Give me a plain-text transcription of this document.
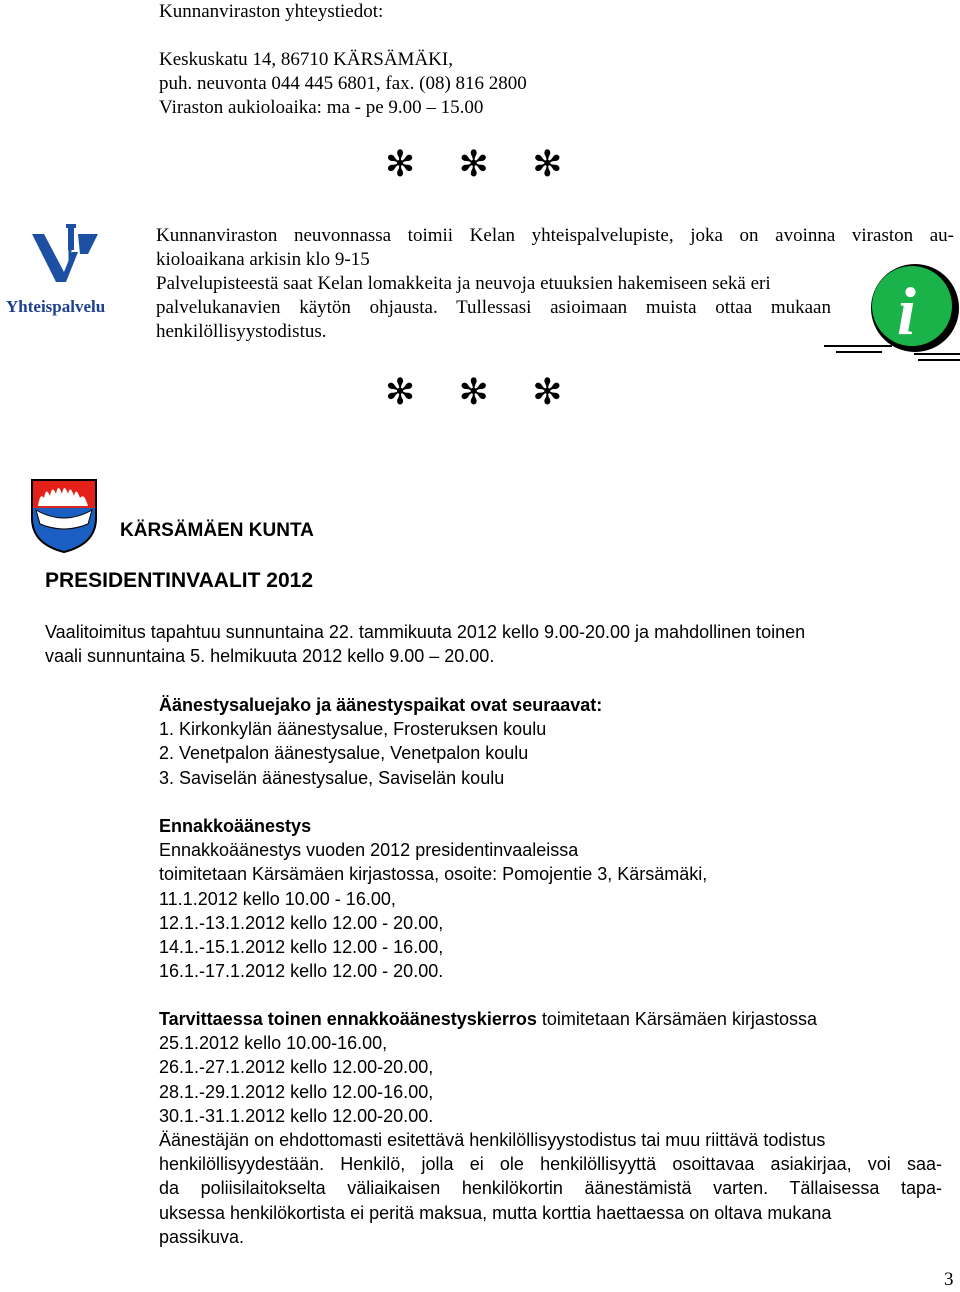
Kunnanviraston yhteystiedot:
Keskuskatu 14, 86710 KÄRSÄMÄKI,
puh. neuvonta 044 445 6801, fax. (08) 816 2800
Viraston aukioloaika: ma - pe 9.00 – 15.00
✻ ✻ ✻
Yhteispalvelu
Kunnanviraston neuvonnassa toimii Kelan yhteispalvelupiste, joka on avoinna viraston au-
kioloaikana arkisin klo 9-15
Palvelupisteestä saat Kelan lomakkeita ja neuvoja etuuksien hakemiseen sekä eri
palvelukanavien käytön ohjausta. Tullessasi asioimaan muista ottaa mukaan
henkilöllisyystodistus.	i
✻ ✻ ✻
KÄRSÄMÄEN KUNTA
PRESIDENTINVAALIT 2012
Vaalitoimitus tapahtuu sunnuntaina 22. tammikuuta 2012 kello 9.00-20.00 ja mahdollinen toinen
vaali sunnuntaina 5. helmikuuta 2012 kello 9.00 – 20.00.
Äänestysaluejako ja äänestyspaikat ovat seuraavat:
1. Kirkonkylän äänestysalue, Frosteruksen koulu
2. Venetpalon äänestysalue, Venetpalon koulu
3. Saviselän äänestysalue, Saviselän koulu
Ennakkoäänestys
Ennakkoäänestys vuoden 2012 presidentinvaaleissa
toimitetaan Kärsämäen kirjastossa, osoite: Pomojentie 3, Kärsämäki,
11.1.2012 kello 10.00 - 16.00,
12.1.-13.1.2012 kello 12.00 - 20.00,
14.1.-15.1.2012 kello 12.00 - 16.00,
16.1.-17.1.2012 kello 12.00 - 20.00.
Tarvittaessa toinen ennakkoäänestyskierros toimitetaan Kärsämäen kirjastossa
25.1.2012 kello 10.00-16.00,
26.1.-27.1.2012 kello 12.00-20.00,
28.1.-29.1.2012 kello 12.00-16.00,
30.1.-31.1.2012 kello 12.00-20.00.
Äänestäjän on ehdottomasti esitettävä henkilöllisyystodistus tai muu riittävä todistus
henkilöllisyydestään. Henkilö, jolla ei ole henkilöllisyyttä osoittavaa asiakirjaa, voi saa-
da poliisilaitokselta väliaikaisen henkilökortin äänestämistä varten. Tällaisessa tapa-
uksessa henkilökortista ei peritä maksua, mutta korttia haettaessa on oltava mukana
passikuva.
3
